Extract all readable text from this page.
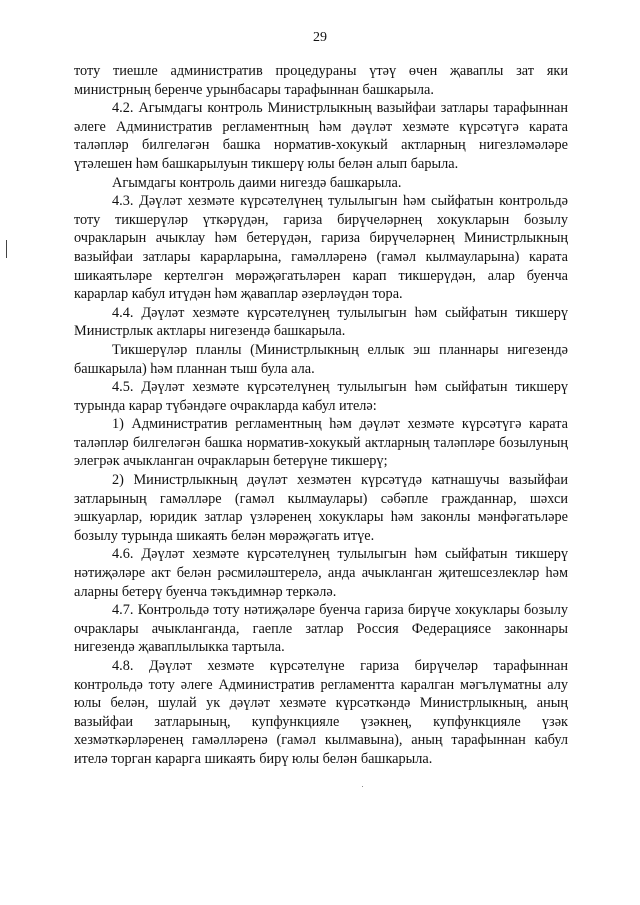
29

тоту тиешле административ процедураны үтәү өчен җаваплы зат яки министрның беренче урынбасары тарафыннан башкарыла.

4.2. Агымдагы контроль Министрлыкның вазыйфаи затлары тарафыннан әлеге Административ регламентның һәм дәүләт хезмәте күрсәтүгә карата таләпләр билгеләгән башка норматив-хокукый актларның нигезләмәләре үтәлешен һәм башкарылуын тикшерү юлы белән алып барыла.

Агымдагы контроль даими нигездә башкарыла.

4.3. Дәүләт хезмәте күрсәтелүнең тулылыгын һәм сыйфатын контрольдә тоту тикшерүләр үткәрүдән, гариза бирүчеләрнең хокукларын бозылу очракларын ачыклау һәм бетерүдән, гариза бирүчеләрнең Министрлыкның вазыйфаи затлары карарларына, гамәлләренә (гамәл кылмауларына) карата шикаятьләре кертелгән мөрәҗәгатьләрен карап тикшерүдән, алар буенча карарлар кабул итүдән һәм җаваплар әзерләүдән тора.

4.4. Дәүләт хезмәте күрсәтелүнең тулылыгын һәм сыйфатын тикшерү Министрлык актлары нигезендә башкарыла.

Тикшерүләр планлы (Министрлыкның еллык эш планнары нигезендә башкарыла) һәм планнан тыш була ала.

4.5. Дәүләт хезмәте күрсәтелүнең тулылыгын һәм сыйфатын тикшерү турында карар түбәндәге очракларда кабул ителә:

1) Административ регламентның һәм дәүләт хезмәте күрсәтүгә карата таләпләр билгеләгән башка норматив-хокукый актларның таләпләре бозылуның элегрәк ачыкланган очракларын бетерүне тикшерү;

2) Министрлыкның дәүләт хезмәтен күрсәтүдә катнашучы вазыйфаи затларының гамәлләре (гамәл кылмаулары) сәбәпле гражданнар, шәхси эшкуарлар, юридик затлар үзләренең хокуклары һәм законлы мәнфәгатьләре бозылу турында шикаять белән мөрәҗәгать итүе.

4.6. Дәүләт хезмәте күрсәтелүнең тулылыгын һәм сыйфатын тикшерү нәтиҗәләре акт белән рәсмиләштерелә, анда ачыкланган җитешсезлекләр һәм аларны бетерү буенча тәкъдимнәр теркәлә.

4.7. Контрольдә тоту нәтиҗәләре буенча гариза бирүче хокуклары бозылу очраклары ачыкланганда, гаепле затлар Россия Федерациясе законнары нигезендә җаваплылыкка тартыла.

4.8. Дәүләт хезмәте күрсәтелүне гариза бирүчеләр тарафыннан контрольдә тоту әлеге Административ регламентта каралган мәгълүматны алу юлы белән, шулай ук дәүләт хезмәте күрсәткәндә Министрлыкның, аның вазыйфаи затларының, купфункцияле үзәкнең, купфункцияле үзәк хезмәткәрләренең гамәлләренә (гамәл кылмавына), аның тарафыннан кабул ителә торган карарга шикаять бирү юлы белән башкарыла.
